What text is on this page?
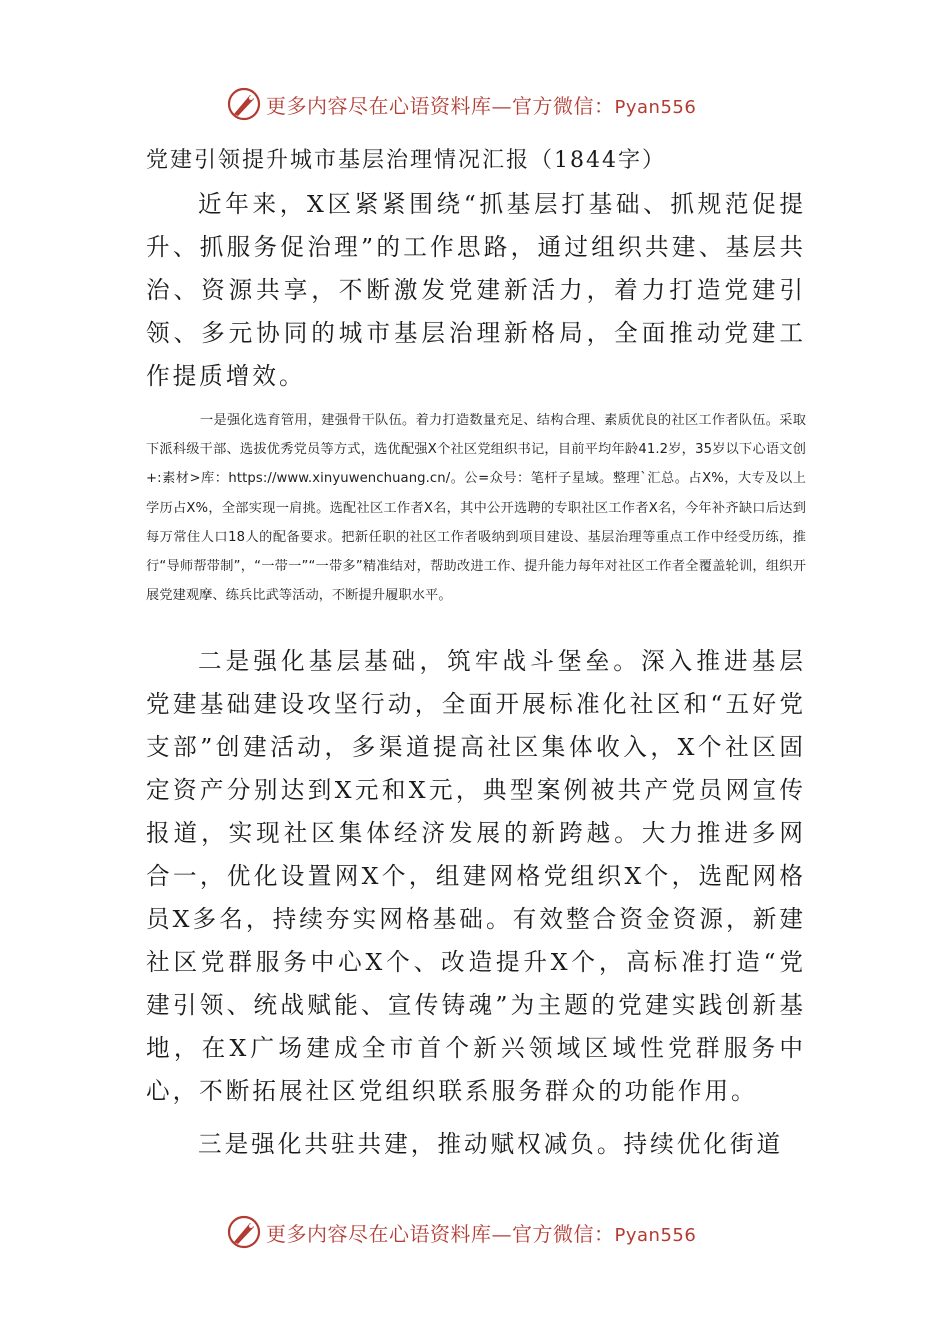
更多内容尽在心语资料库—官方微信：Pyan556
党建引领提升城市基层治理情况汇报（1844字）
近年来，X区紧紧围绕“抓基层打基础、抓规范促提升、抓服务促治理”的工作思路，通过组织共建、基层共治、资源共享，不断激发党建新活力，着力打造党建引领、多元协同的城市基层治理新格局，全面推动党建工作提质增效。
一是强化选育管用，建强骨干队伍。着力打造数量充足、结构合理、素质优良的社区工作者队伍。采取下派科级干部、选拔优秀党员等方式，选优配强X个社区党组织书记，目前平均年龄41.2岁，35岁以下心语文创+:素材>库：https://www.xinyuwenchuang.cn/。公=众号：笔杆子星域。整理`汇总。占X%，大专及以上学历占X%，全部实现一肩挑。选配社区工作者X名，其中公开选聘的专职社区工作者X名，今年补齐缺口后达到每万常住人口18人的配备要求。把新任职的社区工作者吸纳到项目建设、基层治理等重点工作中经受历练，推行“导师帮带制”，“一带一”“一带多”精准结对，帮助改进工作、提升能力每年对社区工作者全覆盖轮训，组织开展党建观摩、练兵比武等活动，不断提升履职水平。
二是强化基层基础，筑牢战斗堡垒。深入推进基层党建基础建设攻坚行动，全面开展标准化社区和“五好党支部”创建活动，多渠道提高社区集体收入，X个社区固定资产分别达到X元和X元，典型案例被共产党员网宣传报道，实现社区集体经济发展的新跨越。大力推进多网合一，优化设置网X个，组建网格党组织X个，选配网格员X多名，持续夯实网格基础。有效整合资金资源，新建社区党群服务中心X个、改造提升X个，高标准打造“党建引领、统战赋能、宣传铸魂”为主题的党建实践创新基地，在X广场建成全市首个新兴领域区域性党群服务中心，不断拓展社区党组织联系服务群众的功能作用。
三是强化共驻共建，推动赋权减负。持续优化街道
更多内容尽在心语资料库—官方微信：Pyan556
